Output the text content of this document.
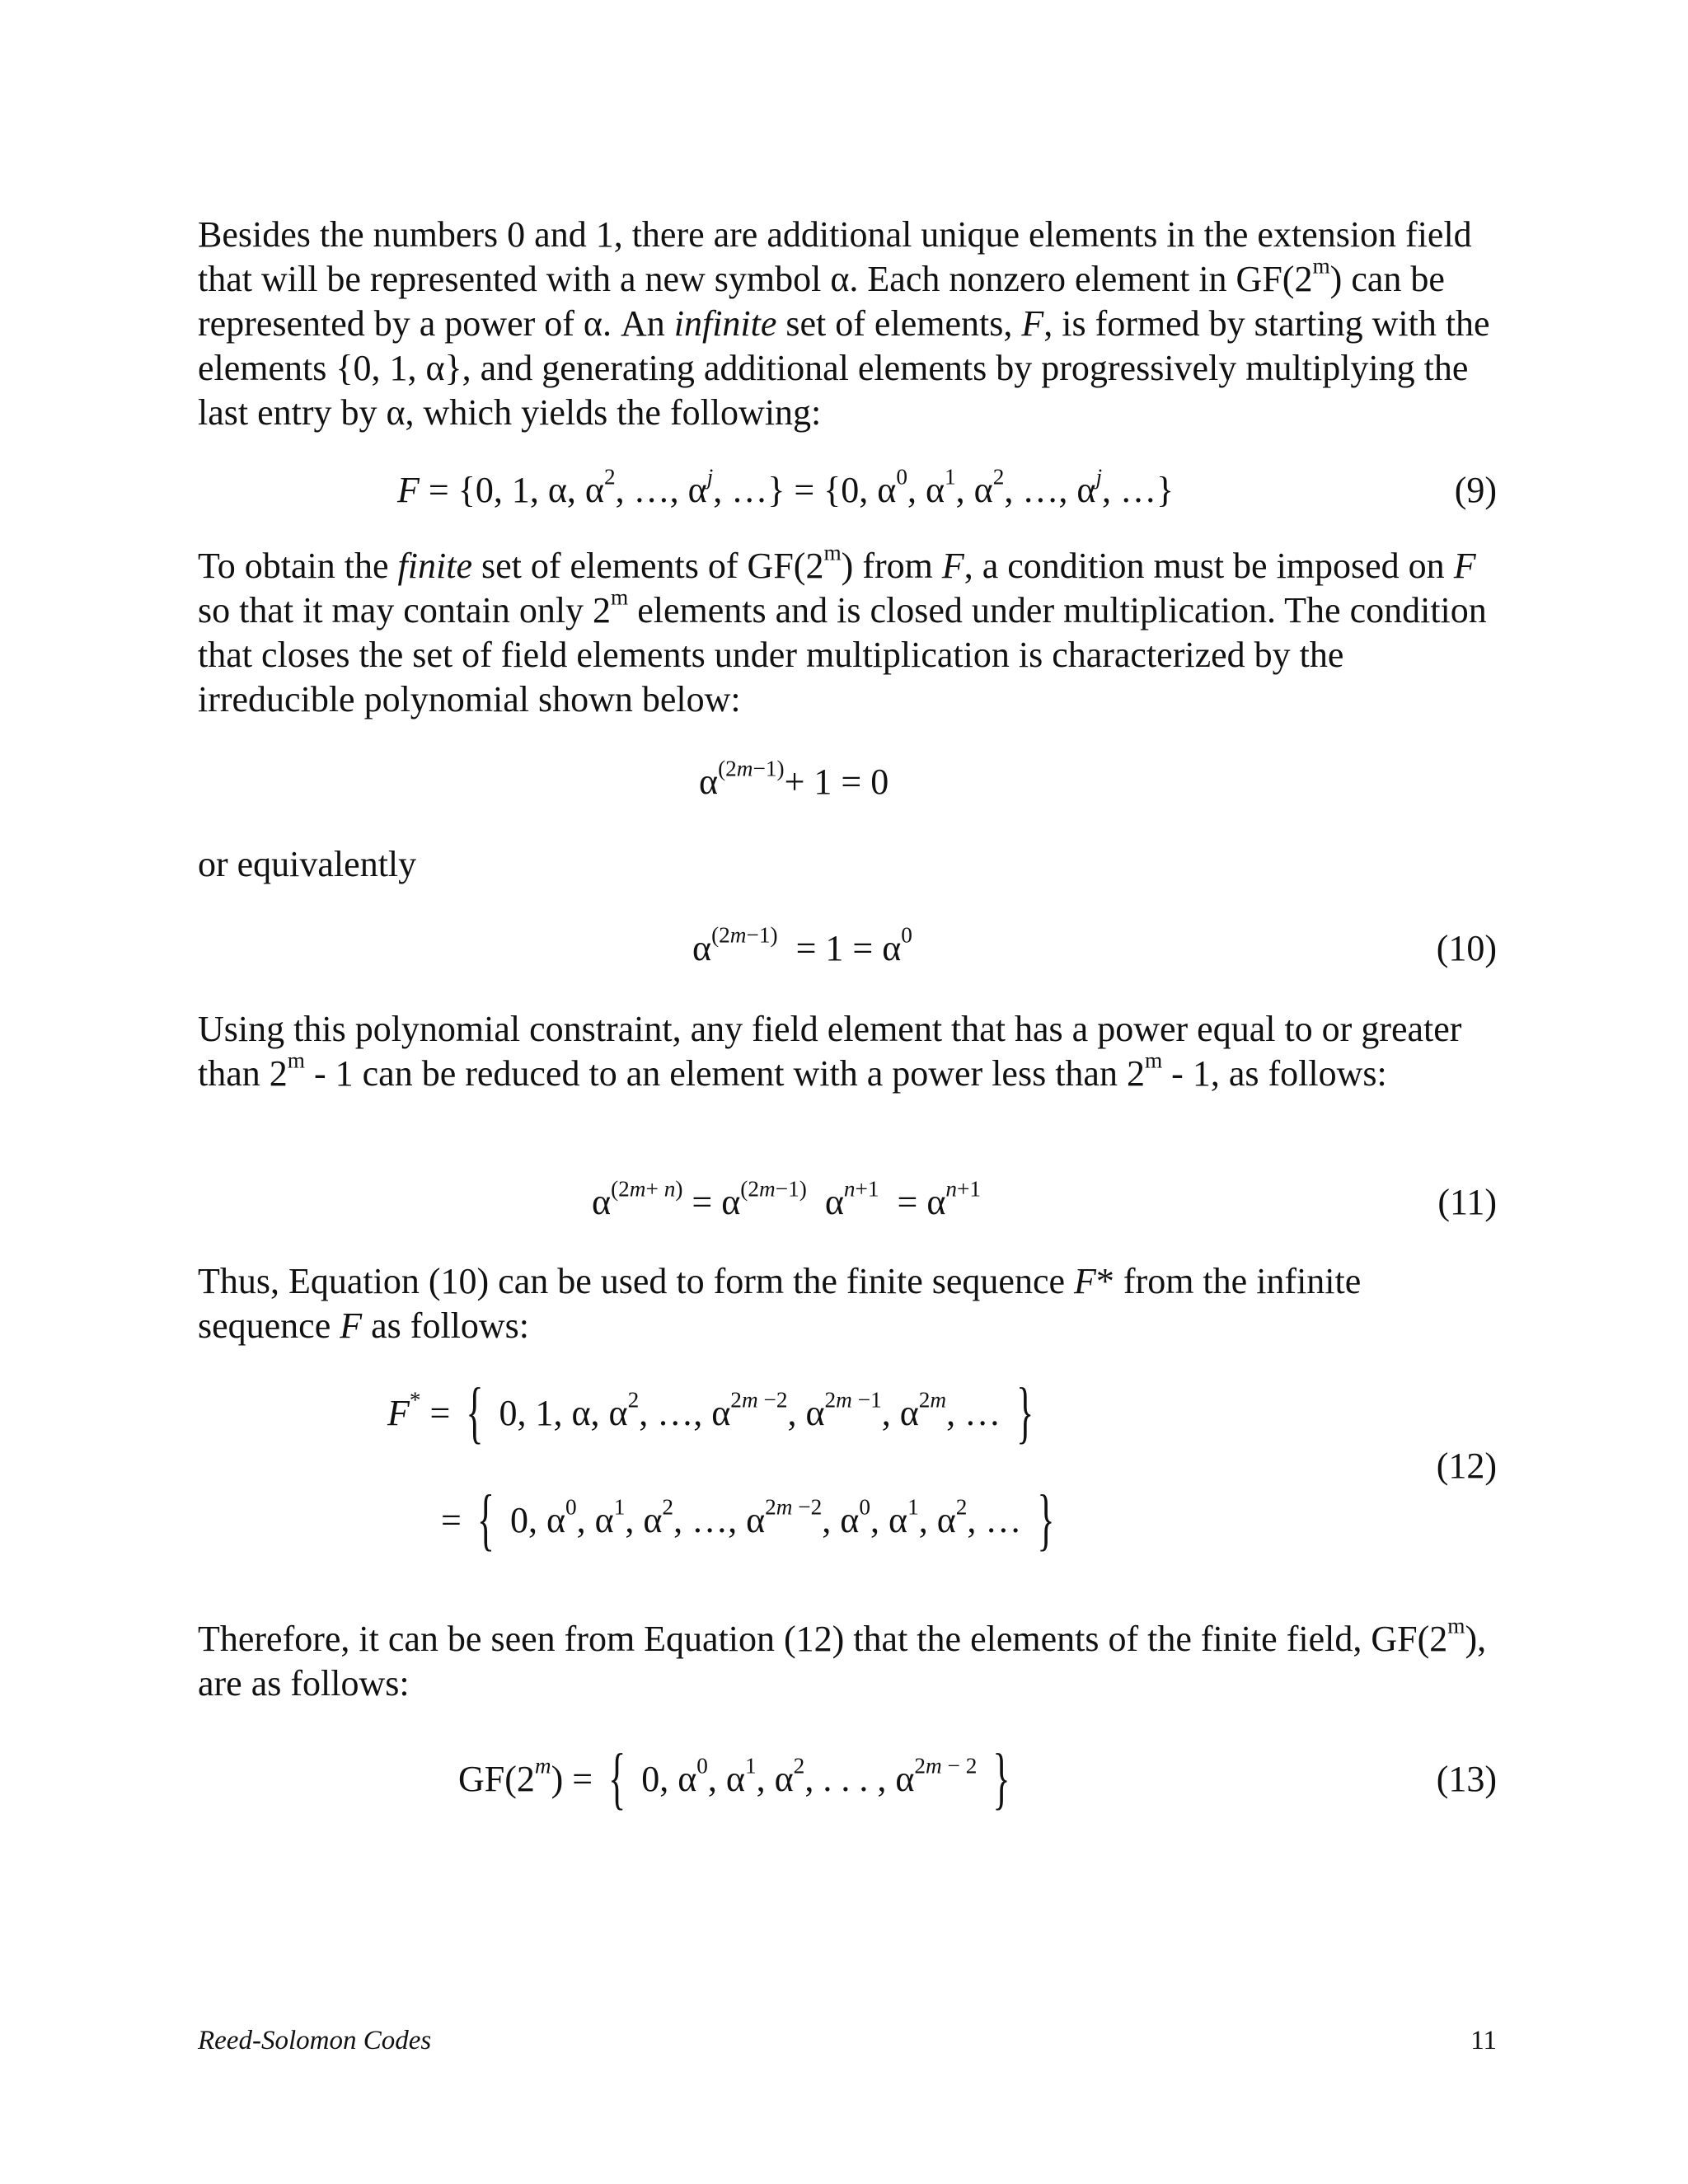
Besides the numbers 0 and 1, there are additional unique elements in the extension field that will be represented with a new symbol α. Each nonzero element in GF(2$^m$) can be represented by a power of α. An infinite set of elements, F, is formed by starting with the elements {0, 1, α}, and generating additional elements by progressively multiplying the last entry by α, which yields the following:

F = {0, 1, α, $\alpha^2$, …, $\alpha^j$, …} = {0, $\alpha^0$, $\alpha^1$, $\alpha^2$, …, $\alpha^j$, …}	(9)

To obtain the finite set of elements of GF(2$^m$) from F, a condition must be imposed on F so that it may contain only 2$^m$ elements and is closed under multiplication. The condition that closes the set of field elements under multiplication is characterized by the irreducible polynomial shown below:

$\alpha^{(2m-1)}+ 1 = 0$

or equivalently

$\alpha^{(2m-1)} = 1 = \alpha^0$	(10)

Using this polynomial constraint, any field element that has a power equal to or greater than 2$^m$ - 1 can be reduced to an element with a power less than 2$^m$ - 1, as follows:

$\alpha^{(2m+ n)} = \alpha^{(2m-1)}$  $\alpha^{n+1} = \alpha^{n+1}$	(11)

Thus, Equation (10) can be used to form the finite sequence F* from the infinite sequence F as follows:

F* = { 0, 1, α, $\alpha^2$, …, $\alpha^{2m -2}$, $\alpha^{2m -1}$, $\alpha^{2m}$, … }
= { 0, $\alpha^0$, $\alpha^1$, $\alpha^2$, …, $\alpha^{2m -2}$, $\alpha^0$, $\alpha^1$, $\alpha^2$, … }
(12)

Therefore, it can be seen from Equation (12) that the elements of the finite field, GF(2$^m$), are as follows:

$GF(2^m)$ = { 0, $\alpha^0$, $\alpha^1$, $\alpha^2$, . . . , $\alpha^{2m - 2}$ }	(13)
Reed-Solomon Codes	11
